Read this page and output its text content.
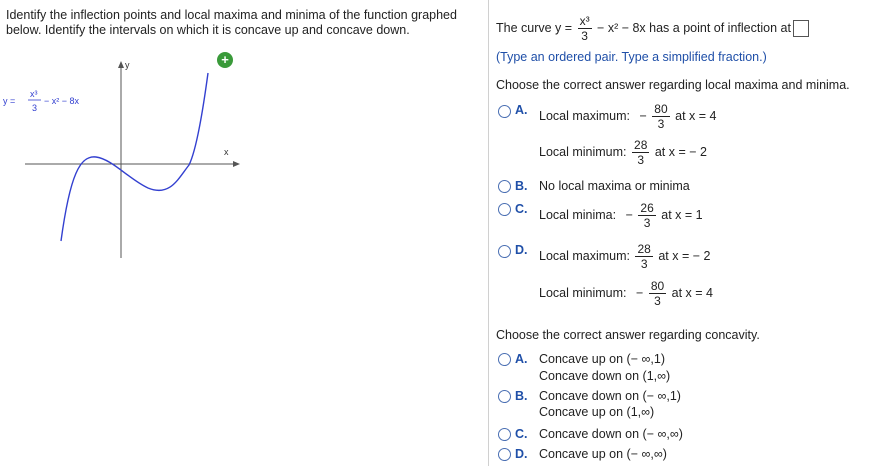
Identify the inflection points and local maxima and minima of the function graphed
below. Identify the intervals on which it is concave up and concave down.
+
y
x
y =
x³
3
− x² − 8x
The curve $y = \frac{\text{x³}}{3} - x^2 - 8x$ has a point of inflection at
(Type an ordered pair. Type a simplified fraction.)
Choose the correct answer regarding local maxima and minima.
A. Local maximum: − $\frac{80}{3}$ at x = 4
Local minimum: $\frac{28}{3}$ at x = − 2
B. No local maxima or minima
C. Local minima: − $\frac{26}{3}$ at x = 1
D. Local maximum: $\frac{28}{3}$ at x = − 2
Local minimum: − $\frac{80}{3}$ at x = 4
Choose the correct answer regarding concavity.
A. Concave up on (− ∞,1)
Concave down on (1,∞)
B. Concave down on (− ∞,1)
Concave up on (1,∞)
C. Concave down on (− ∞,∞)
D. Concave up on (− ∞,∞)
